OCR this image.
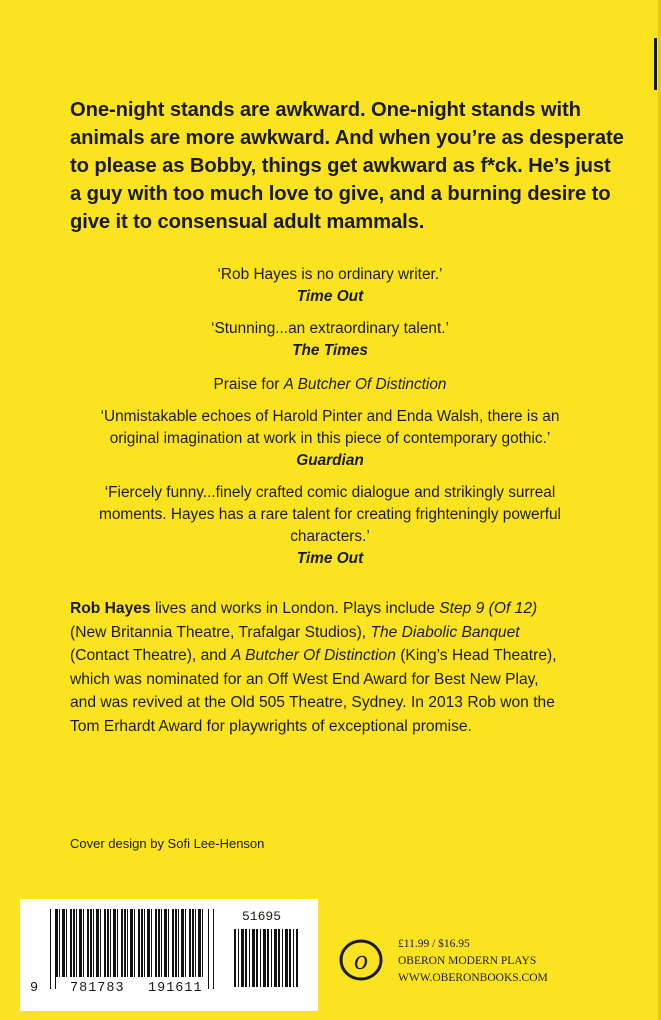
One-night stands are awkward. One-night stands with
animals are more awkward. And when you’re as desperate
to please as Bobby, things get awkward as f*ck. He’s just
a guy with too much love to give, and a burning desire to
give it to consensual adult mammals.
‘Rob Hayes is no ordinary writer.’
Time Out
‘Stunning...an extraordinary talent.’
The Times
Praise for A Butcher Of Distinction
‘Unmistakable echoes of Harold Pinter and Enda Walsh, there is an
original imagination at work in this piece of contemporary gothic.’
Guardian
‘Fiercely funny...finely crafted comic dialogue and strikingly surreal
moments. Hayes has a rare talent for creating frighteningly powerful
characters.’
Time Out
Rob Hayes lives and works in London. Plays include Step 9 (Of 12)
(New Britannia Theatre, Trafalgar Studios), The Diabolic Banquet
(Contact Theatre), and A Butcher Of Distinction (King’s Head Theatre),
which was nominated for an Off West End Award for Best New Play,
and was revived at the Old 505 Theatre, Sydney. In 2013 Rob won the
Tom Erhardt Award for playwrights of exceptional promise.
Cover design by Sofi Lee-Henson
51695
9 781783 191611
o
£11.99 / $16.95
OBERON MODERN PLAYS
WWW.OBERONBOOKS.COM
